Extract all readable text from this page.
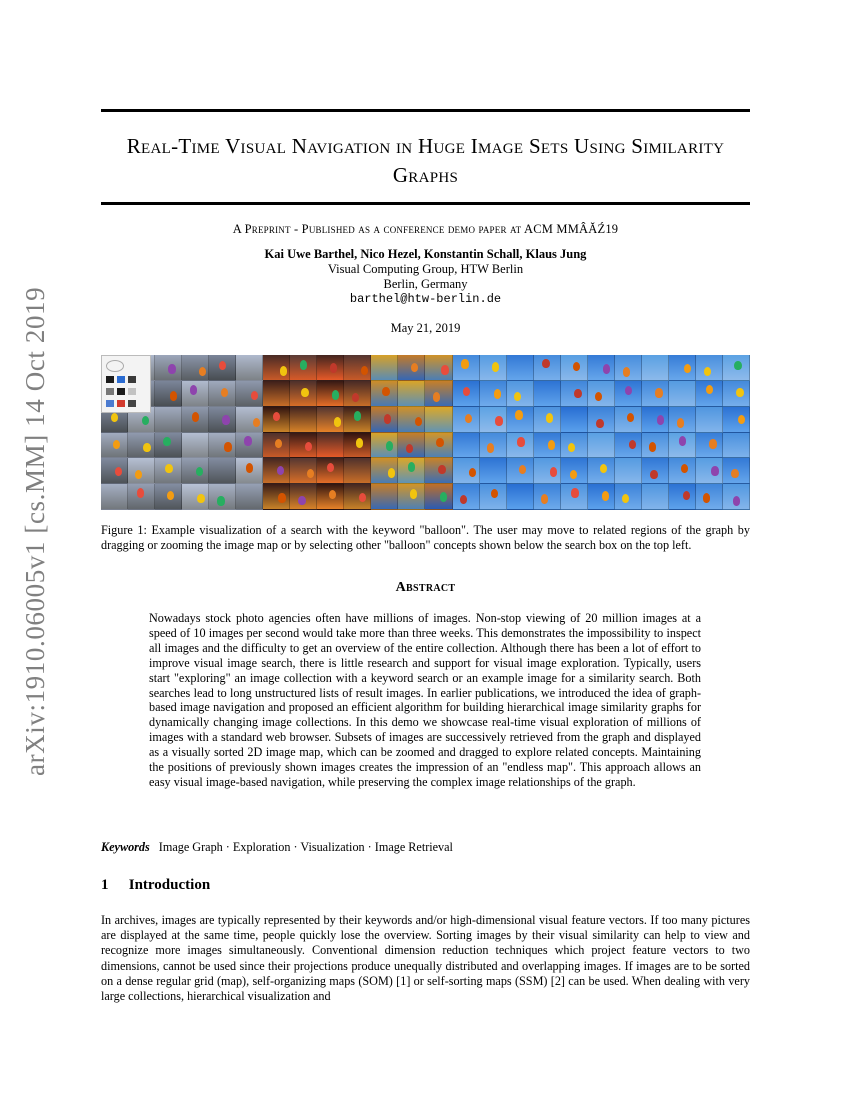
arXiv:1910.06005v1 [cs.MM] 14 Oct 2019
Real-Time Visual Navigation in Huge Image Sets Using Similarity Graphs
A Preprint - Published as a conference demo paper at ACM MMÂĂŹ19
Kai Uwe Barthel, Nico Hezel, Konstantin Schall, Klaus Jung
Visual Computing Group, HTW Berlin
Berlin, Germany
barthel@htw-berlin.de
May 21, 2019
Figure 1: Example visualization of a search with the keyword "balloon". The user may move to related regions of the graph by dragging or zooming the image map or by selecting other "balloon" concepts shown below the search box on the top left.
Abstract
Nowadays stock photo agencies often have millions of images. Non-stop viewing of 20 million images at a speed of 10 images per second would take more than three weeks. This demonstrates the impossibility to inspect all images and the difficulty to get an overview of the entire collection. Although there has been a lot of effort to improve visual image search, there is little research and support for visual image exploration. Typically, users start "exploring" an image collection with a keyword search or an example image for a similarity search. Both searches lead to long unstructured lists of result images. In earlier publications, we introduced the idea of graph-based image navigation and proposed an efficient algorithm for building hierarchical image similarity graphs for dynamically changing image collections. In this demo we showcase real-time visual exploration of millions of images with a standard web browser. Subsets of images are successively retrieved from the graph and displayed as a visually sorted 2D image map, which can be zoomed and dragged to explore related concepts. Maintaining the positions of previously shown images creates the impression of an "endless map". This approach allows an easy visual image-based navigation, while preserving the complex image relationships of the graph.
Keywords Image Graph · Exploration · Visualization · Image Retrieval
1 Introduction
In archives, images are typically represented by their keywords and/or high-dimensional visual feature vectors. If too many pictures are displayed at the same time, people quickly lose the overview. Sorting images by their visual similarity can help to view and recognize more images simultaneously. Conventional dimension reduction techniques which project feature vectors to two dimensions, cannot be used since their projections produce unequally distributed and overlapping images. If images are to be sorted on a dense regular grid (map), self-organizing maps (SOM) [1] or self-sorting maps (SSM) [2] can be used. When dealing with very large collections, hierarchical visualization and
